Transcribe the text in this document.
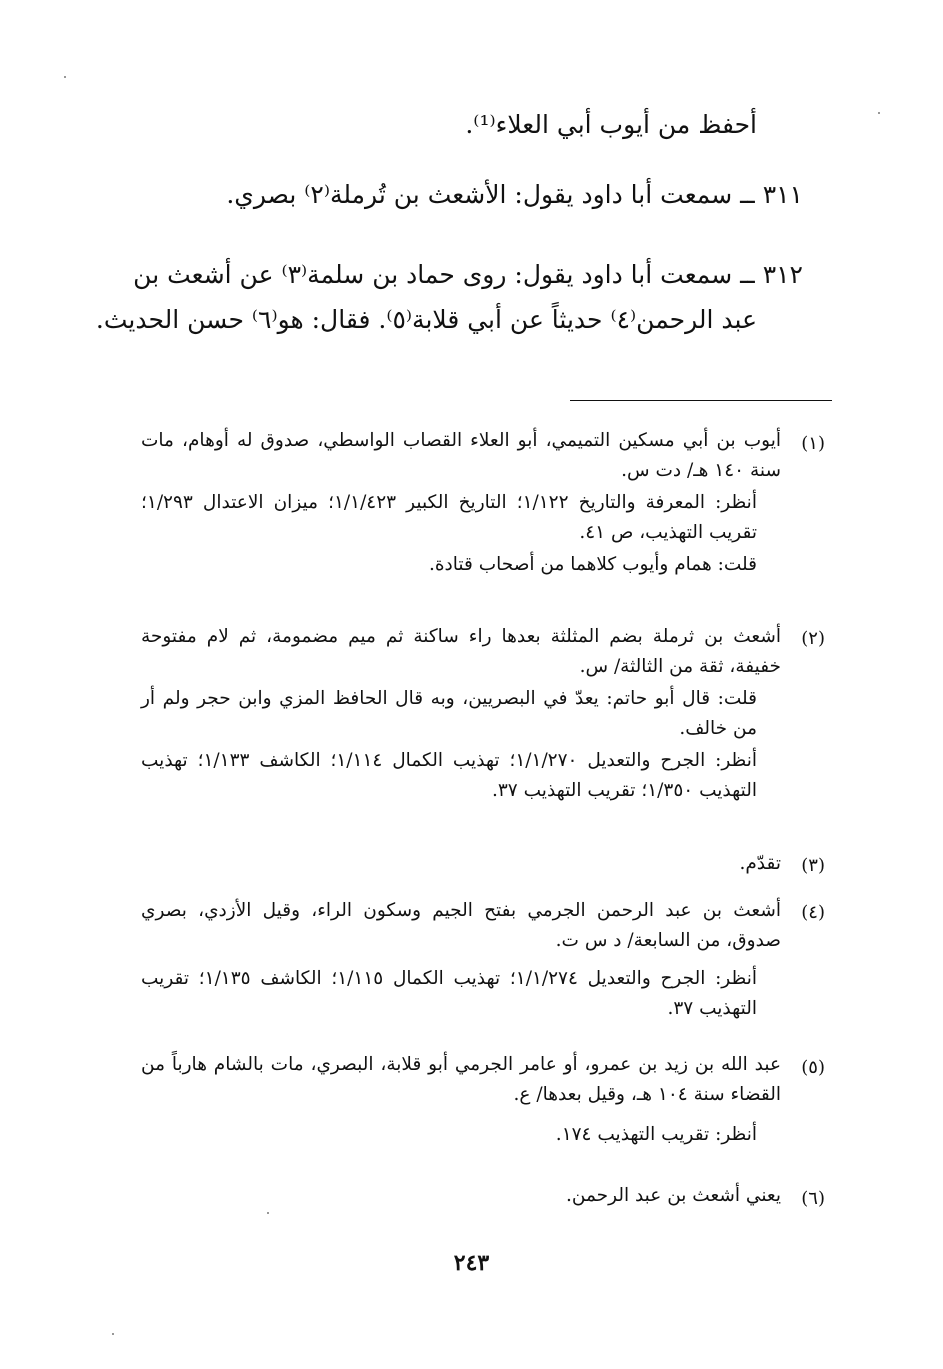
أحفظ من أيوب أبي العلاء⁽¹⁾.
٣١١ ــ سمعت أبا داود يقول: الأشعث بن تُرملة⁽٢⁾ بصري.
٣١٢ ــ سمعت أبا داود يقول: روى حماد بن سلمة⁽٣⁾ عن أشعث بن
عبد الرحمن⁽٤⁾ حديثاً عن أبي قلابة⁽٥⁾. فقال: هو⁽٦⁾ حسن الحديث.
(١)

أيوب بن أبي مسكين التميمي، أبو العلاء القصاب الواسطي، صدوق له أوهام، مات سنة ١٤٠ هـ/ دت س.

أنظر: المعرفة والتاريخ ١/١٢٢؛ التاريخ الكبير ١/١/٤٢٣؛ ميزان الاعتدال ١/٢٩٣؛ تقريب التهذيب، ص ٤١.

قلت: همام وأيوب كلاهما من أصحاب قتادة.

(٢)

أشعث بن ثرملة بضم المثلثة بعدها راء ساكنة ثم ميم مضمومة، ثم لام مفتوحة خفيفة، ثقة من الثالثة/ س.

قلت: قال أبو حاتم: يعدّ في البصريين، وبه قال الحافظ المزي وابن حجر ولم أر من خالف.

أنظر: الجرح والتعديل ١/١/٢٧٠؛ تهذيب الكمال ١/١١٤؛ الكاشف ١/١٣٣؛ تهذيب التهذيب ١/٣٥٠؛ تقريب التهذيب ٣٧.

(٣)

تقدّم.

(٤)

أشعث بن عبد الرحمن الجرمي بفتح الجيم وسكون الراء، وقيل الأزدي، بصري صدوق، من السابعة/ د س ت.

أنظر: الجرح والتعديل ١/١/٢٧٤؛ تهذيب الكمال ١/١١٥؛ الكاشف ١/١٣٥؛ تقريب التهذيب ٣٧.

(٥)

عبد الله بن زيد بن عمرو، أو عامر الجرمي أبو قلابة، البصري، مات بالشام هارباً من القضاء سنة ١٠٤ هـ، وقيل بعدها/ ع.

أنظر: تقريب التهذيب ١٧٤.

(٦)

يعني أشعث بن عبد الرحمن.

٢٤٣
